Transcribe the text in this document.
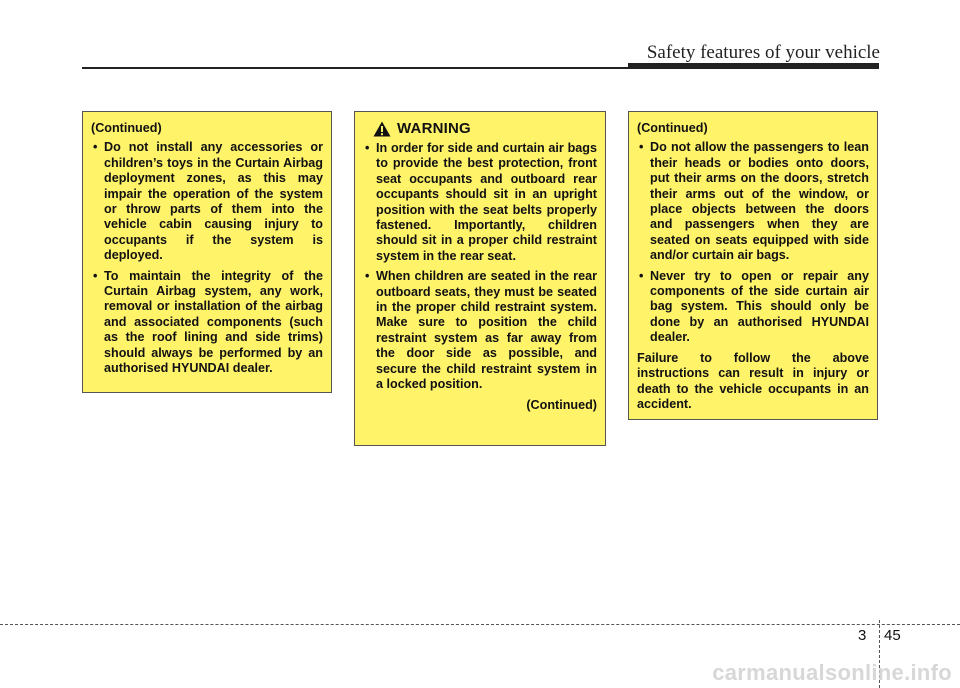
Safety features of your vehicle

(Continued)

• Do not install any accessories or children’s toys in the Curtain Airbag deployment zones, as this may impair the operation of the system or throw parts of them into the vehicle cabin causing injury to occupants if the system is deployed.
• To maintain the integrity of the Curtain Airbag system, any work, removal or installation of the airbag and associated components (such as the roof lining and side trims) should always be performed by an authorised HYUNDAI dealer.
WARNING
• In order for side and curtain air bags to provide the best protection, front seat occupants and outboard rear occupants should sit in an upright position with the seat belts properly fastened. Importantly, children should sit in a proper child restraint system in the rear seat.
• When children are seated in the rear outboard seats, they must be seated in the proper child restraint system. Make sure to position the child restraint system as far away from the door side as possible, and secure the child restraint system in a locked position.

(Continued)

(Continued)

• Do not allow the passengers to lean their heads or bodies onto doors, put their arms on the doors, stretch their arms out of the window, or place objects between the doors and passengers when they are seated on seats equipped with side and/or curtain air bags.
• Never try to open or repair any components of the side curtain air bag system. This should only be done by an authorised HYUNDAI dealer.

Failure to follow the above instructions can result in injury or death to the vehicle occupants in an accident.

3 45
carmanualsonline.info
